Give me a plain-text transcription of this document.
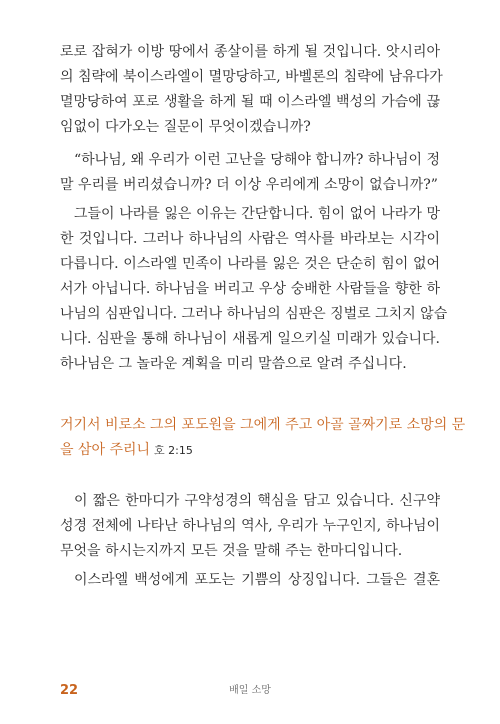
로로 잡혀가 이방 땅에서 종살이를 하게 될 것입니다. 앗시리아
의 침략에 북이스라엘이 멸망당하고, 바벨론의 침략에 남유다가
멸망당하여 포로 생활을 하게 될 때 이스라엘 백성의 가슴에 끊
임없이 다가오는 질문이 무엇이겠습니까?
“하나님, 왜 우리가 이런 고난을 당해야 합니까? 하나님이 정
말 우리를 버리셨습니까? 더 이상 우리에게 소망이 없습니까?”
그들이 나라를 잃은 이유는 간단합니다. 힘이 없어 나라가 망
한 것입니다. 그러나 하나님의 사람은 역사를 바라보는 시각이
다릅니다. 이스라엘 민족이 나라를 잃은 것은 단순히 힘이 없어
서가 아닙니다. 하나님을 버리고 우상 숭배한 사람들을 향한 하
나님의 심판입니다. 그러나 하나님의 심판은 징벌로 그치지 않습
니다. 심판을 통해 하나님이 새롭게 일으키실 미래가 있습니다.
하나님은 그 놀라운 계획을 미리 말씀으로 알려 주십니다.
거기서 비로소 그의 포도원을 그에게 주고 아골 골짜기로 소망의 문
을 삼아 주리니 호 2:15
이 짧은 한마디가 구약성경의 핵심을 담고 있습니다. 신구약
성경 전체에 나타난 하나님의 역사, 우리가 누구인지, 하나님이
무엇을 하시는지까지 모든 것을 말해 주는 한마디입니다.
이스라엘 백성에게 포도는 기쁨의 상징입니다. 그들은 결혼
배일 소망
22
